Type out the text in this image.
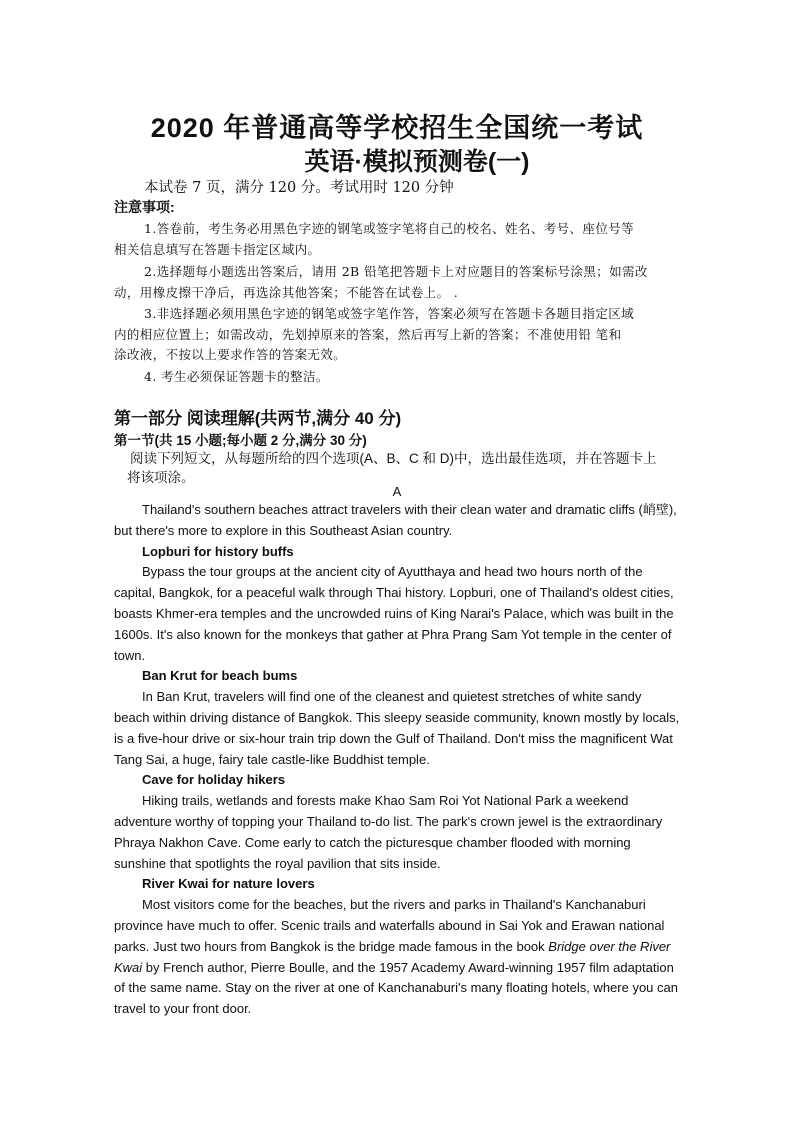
2020 年普通高等学校招生全国统一考试
英语·模拟预测卷(一)
本试卷 7 页，满分 120 分。考试用时 120 分钟
注意事项:
1.答卷前，考生务必用黑色字迹的钢笔或签字笔将自己的校名、姓名、考号、座位号等
相关信息填写在答题卡指定区域内。
2.选择题每小题选出答案后，请用 2B 铅笔把答题卡上对应题目的答案标号涂黑；如需改
动，用橡皮擦干净后，再选涂其他答案；不能答在试卷上。 .
3.非选择题必须用黑色字迹的钢笔或签字笔作答，答案必须写在答题卡各题目指定区域
内的相应位置上；如需改动，先划掉原来的答案，然后再写上新的答案；不准使用铅 笔和
涂改液，不按以上要求作答的答案无效。
4. 考生必须保证答题卡的整洁。
第一部分 阅读理解(共两节,满分 40 分)
第一节(共 15 小题;每小题 2 分,满分 30 分)
阅读下列短文，从每题所给的四个选项(A、B、C 和 D)中，选出最佳选项，并在答题卡上
将该项涂。
A

Thailand's southern beaches attract travelers with their clean water and dramatic cliffs (峭壁), but there's more to explore in this Southeast Asian country.

Lopburi for history buffs

Bypass the tour groups at the ancient city of Ayutthaya and head two hours north of the capital, Bangkok, for a peaceful walk through Thai history. Lopburi, one of Thailand's oldest cities, boasts Khmer-era temples and the uncrowded ruins of King Narai's Palace, which was built in the 1600s. It's also known for the monkeys that gather at Phra Prang Sam Yot temple in the center of town.

Ban Krut for beach bums

In Ban Krut, travelers will find one of the cleanest and quietest stretches of white sandy beach within driving distance of Bangkok. This sleepy seaside community, known mostly by locals, is a five-hour drive or six-hour train trip down the Gulf of Thailand. Don't miss the magnificent Wat Tang Sai, a huge, fairy tale castle-like Buddhist temple.

Cave for holiday hikers

Hiking trails, wetlands and forests make Khao Sam Roi Yot National Park a weekend adventure worthy of topping your Thailand to-do list. The park's crown jewel is the extraordinary Phraya Nakhon Cave. Come early to catch the picturesque chamber flooded with morning sunshine that spotlights the royal pavilion that sits inside.

River Kwai for nature lovers

Most visitors come for the beaches, but the rivers and parks in Thailand's Kanchanaburi province have much to offer. Scenic trails and waterfalls abound in Sai Yok and Erawan national parks. Just two hours from Bangkok is the bridge made famous in the book Bridge over the River Kwai by French author, Pierre Boulle, and the 1957 Academy Award-winning 1957 film adaptation of the same name. Stay on the river at one of Kanchanaburi's many floating hotels, where you can travel to your front door.
